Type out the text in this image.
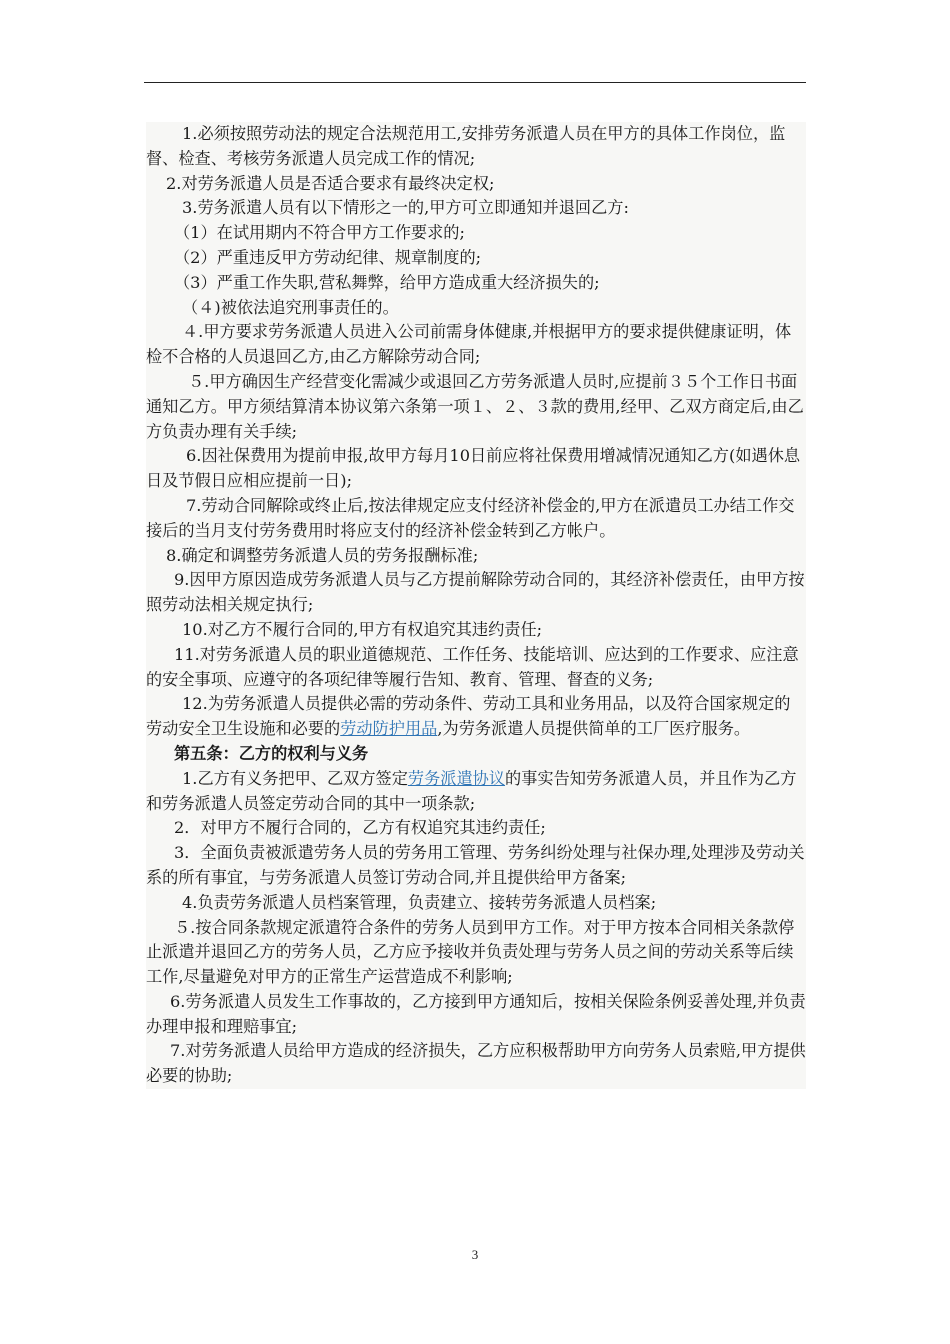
1.必须按照劳动法的规定合法规范用工,安排劳务派遣人员在甲方的具体工作岗位，监督、检查、考核劳务派遣人员完成工作的情况;

2.对劳务派遣人员是否适合要求有最终决定权;

3.劳务派遣人员有以下情形之一的,甲方可立即通知并退回乙方:

（1）在试用期内不符合甲方工作要求的;

（2）严重违反甲方劳动纪律、规章制度的;

（3）严重工作失职,营私舞弊，给甲方造成重大经济损失的;

（４)被依法追究刑事责任的。

４.甲方要求劳务派遣人员进入公司前需身体健康,并根据甲方的要求提供健康证明，体检不合格的人员退回乙方,由乙方解除劳动合同;

５.甲方确因生产经营变化需减少或退回乙方劳务派遣人员时,应提前３５个工作日书面通知乙方。甲方须结算清本协议第六条第一项１、２、３款的费用,经甲、乙双方商定后,由乙方负责办理有关手续;

6.因社保费用为提前申报,故甲方每月10日前应将社保费用增减情况通知乙方(如遇休息日及节假日应相应提前一日);

7.劳动合同解除或终止后,按法律规定应支付经济补偿金的,甲方在派遣员工办结工作交接后的当月支付劳务费用时将应支付的经济补偿金转到乙方帐户。

8.确定和调整劳务派遣人员的劳务报酬标准;

9.因甲方原因造成劳务派遣人员与乙方提前解除劳动合同的，其经济补偿责任，由甲方按照劳动法相关规定执行;

10.对乙方不履行合同的,甲方有权追究其违约责任;

11.对劳务派遣人员的职业道德规范、工作任务、技能培训、应达到的工作要求、应注意的安全事项、应遵守的各项纪律等履行告知、教育、管理、督查的义务;

12.为劳务派遣人员提供必需的劳动条件、劳动工具和业务用品，以及符合国家规定的劳动安全卫生设施和必要的劳动防护用品,为劳务派遣人员提供简单的工厂医疗服务。

第五条：乙方的权利与义务

1.乙方有义务把甲、乙双方签定劳务派遣协议的事实告知劳务派遣人员，并且作为乙方和劳务派遣人员签定劳动合同的其中一项条款;

2．对甲方不履行合同的，乙方有权追究其违约责任;

3．全面负责被派遣劳务人员的劳务用工管理、劳务纠纷处理与社保办理,处理涉及劳动关系的所有事宜，与劳务派遣人员签订劳动合同,并且提供给甲方备案;

4.负责劳务派遣人员档案管理，负责建立、接转劳务派遣人员档案;

５.按合同条款规定派遣符合条件的劳务人员到甲方工作。对于甲方按本合同相关条款停止派遣并退回乙方的劳务人员，乙方应予接收并负责处理与劳务人员之间的劳动关系等后续工作,尽量避免对甲方的正常生产运营造成不利影响;

6.劳务派遣人员发生工作事故的，乙方接到甲方通知后，按相关保险条例妥善处理,并负责办理申报和理赔事宜;

7.对劳务派遣人员给甲方造成的经济损失，乙方应积极帮助甲方向劳务人员索赔,甲方提供必要的协助;

3
